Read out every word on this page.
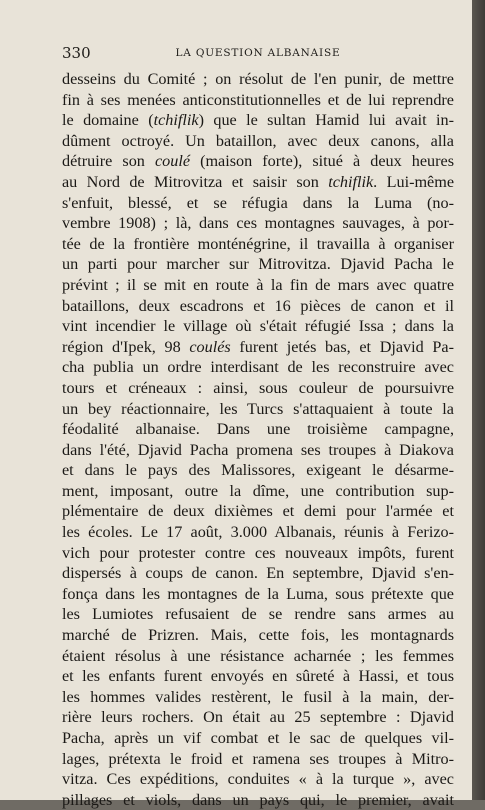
330	LA QUESTION ALBANAISE
desseins du Comité ; on résolut de l'en punir, de mettre
fin à ses menées anticonstitutionnelles et de lui reprendre
le domaine (tchiflik) que le sultan Hamid lui avait in-
dûment octroyé. Un bataillon, avec deux canons, alla
détruire son coulé (maison forte), situé à deux heures
au Nord de Mitrovitza et saisir son tchiflik. Lui-même
s'enfuit, blessé, et se réfugia dans la Luma (no-
vembre 1908) ; là, dans ces montagnes sauvages, à por-
tée de la frontière monténégrine, il travailla à organiser
un parti pour marcher sur Mitrovitza. Djavid Pacha le
prévint ; il se mit en route à la fin de mars avec quatre
bataillons, deux escadrons et 16 pièces de canon et il
vint incendier le village où s'était réfugié Issa ; dans la
région d'Ipek, 98 coulés furent jetés bas, et Djavid Pa-
cha publia un ordre interdisant de les reconstruire avec
tours et créneaux : ainsi, sous couleur de poursuivre
un bey réactionnaire, les Turcs s'attaquaient à toute la
féodalité albanaise. Dans une troisième campagne,
dans l'été, Djavid Pacha promena ses troupes à Diakova
et dans le pays des Malissores, exigeant le désarme-
ment, imposant, outre la dîme, une contribution sup-
plémentaire de deux dixièmes et demi pour l'armée et
les écoles. Le 17 août, 3.000 Albanais, réunis à Ferizo-
vich pour protester contre ces nouveaux impôts, furent
dispersés à coups de canon. En septembre, Djavid s'en-
fonça dans les montagnes de la Luma, sous prétexte que
les Lumiotes refusaient de se rendre sans armes au
marché de Prizren. Mais, cette fois, les montagnards
étaient résolus à une résistance acharnée ; les femmes
et les enfants furent envoyés en sûreté à Hassi, et tous
les hommes valides restèrent, le fusil à la main, der-
rière leurs rochers. On était au 25 septembre : Djavid
Pacha, après un vif combat et le sac de quelques vil-
lages, prétexta le froid et ramena ses troupes à Mitro-
vitza. Ces expéditions, conduites « à la turque », avec
pillages et viols, dans un pays qui, le premier, avait
